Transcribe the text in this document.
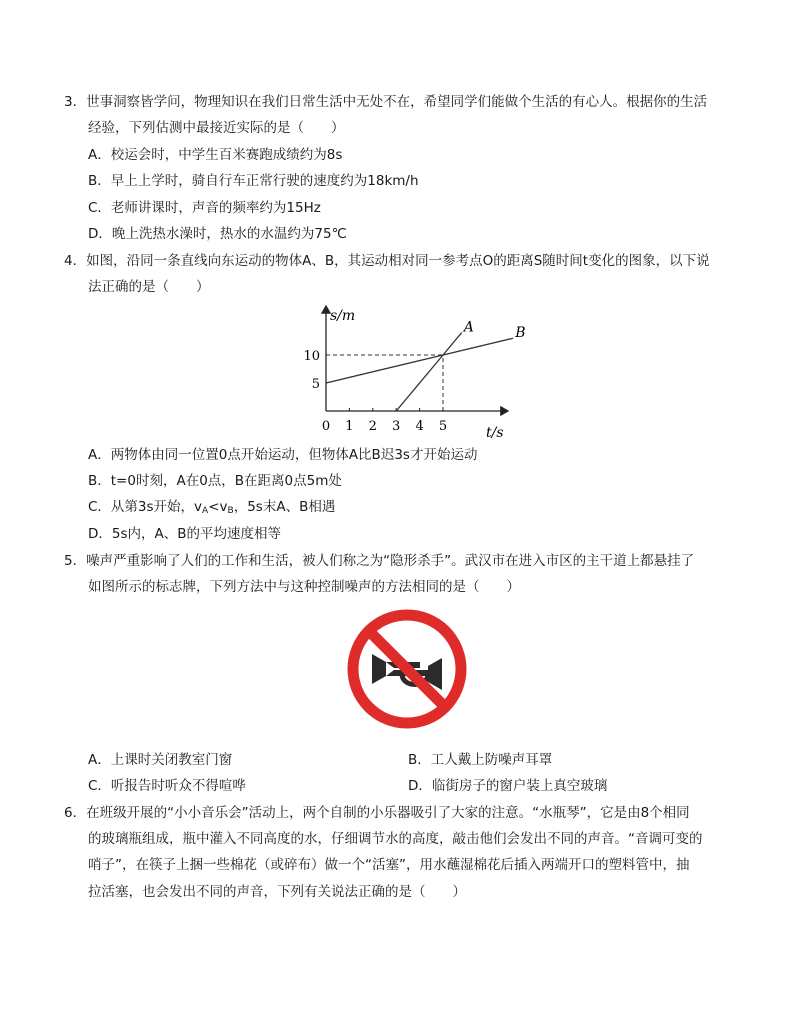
3．世事洞察皆学问，物理知识在我们日常生活中无处不在，希望同学们能做个生活的有心人。根据你的生活
经验，下列估测中最接近实际的是（　　）
A．校运会时，中学生百米赛跑成绩约为8s
B．早上上学时，骑自行车正常行驶的速度约为18km/h
C．老师讲课时，声音的频率约为15Hz
D．晚上洗热水澡时，热水的水温约为75℃
4．如图，沿同一条直线向东运动的物体A、B，其运动相对同一参考点O的距离S随时间t变化的图象，以下说
法正确的是（　　）
A	B
0 1 2 3 4 5
5
10
s/m
t/s
A．两物体由同一位置0点开始运动，但物体A比B迟3s才开始运动
B．t=0时刻，A在0点，B在距离0点5m处
C．从第3s开始，$v_A<v_B$，5s末A、B相遇
D．5s内，A、B的平均速度相等
5．噪声严重影响了人们的工作和生活，被人们称之为“隐形杀手”。武汉市在进入市区的主干道上都悬挂了
如图所示的标志牌，下列方法中与这种控制噪声的方法相同的是（　　）
A．上课时关闭教室门窗	B．工人戴上防噪声耳罩
C．听报告时听众不得喧哗	D．临街房子的窗户装上真空玻璃
6．在班级开展的“小小音乐会”活动上，两个自制的小乐器吸引了大家的注意。“水瓶琴”，它是由8个相同
的玻璃瓶组成，瓶中灌入不同高度的水，仔细调节水的高度，敲击他们会发出不同的声音。“音调可变的
哨子”，在筷子上捆一些棉花（或碎布）做一个“活塞”，用水蘸湿棉花后插入两端开口的塑料管中，抽
拉活塞，也会发出不同的声音，下列有关说法正确的是（　　）
